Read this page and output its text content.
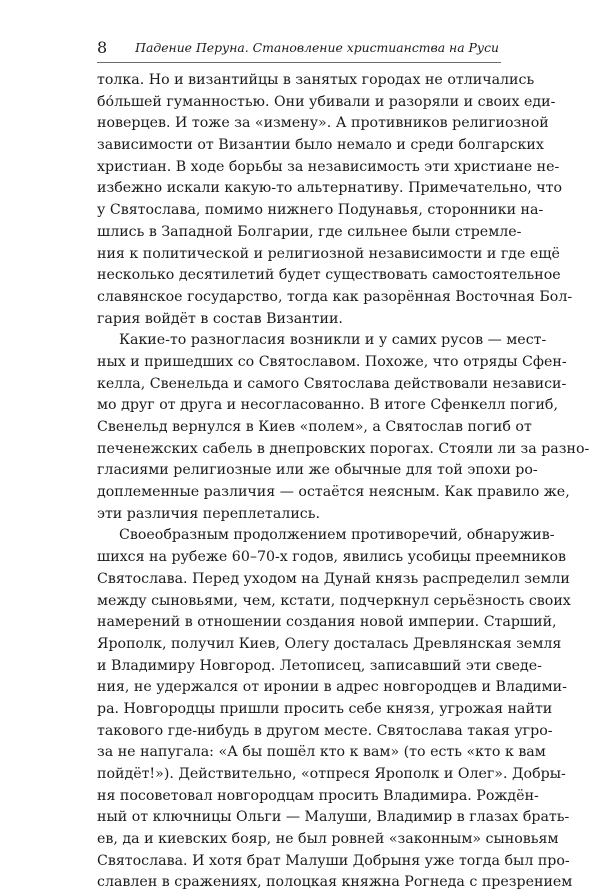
8 Падение Перуна. Становление христианства на Руси
толка. Но и византийцы в занятых городах не отличались
бо́льшей гуманностью. Они убивали и разоряли и своих еди-
новерцев. И тоже за «измену». А противников религиозной
зависимости от Византии было немало и среди болгарских
христиан. В ходе борьбы за независимость эти христиане не-
избежно искали какую-то альтернативу. Примечательно, что
у Святослава, помимо нижнего Подунавья, сторонники на-
шлись в Западной Болгарии, где сильнее были стремле-
ния к политической и религиозной независимости и где ещё
несколько десятилетий будет существовать самостоятельное
славянское государство, тогда как разорённая Восточная Бол-
гария войдёт в состав Византии.
Какие-то разногласия возникли и у самих русов — мест-
ных и пришедших со Святославом. Похоже, что отряды Сфен-
келла, Свенельда и самого Святослава действовали независи-
мо друг от друга и несогласованно. В итоге Сфенкелл погиб,
Свенельд вернулся в Киев «полем», а Святослав погиб от
печенежских сабель в днепровских порогах. Стояли ли за разно-
гласиями религиозные или же обычные для той эпохи ро-
доплеменные различия — остаётся неясным. Как правило же,
эти различия переплетались.
Своеобразным продолжением противоречий, обнаружив-
шихся на рубеже 60–70-х годов, явились усобицы преемников
Святослава. Перед уходом на Дунай князь распределил земли
между сыновьями, чем, кстати, подчеркнул серьёзность своих
намерений в отношении создания новой империи. Старший,
Ярополк, получил Киев, Олегу досталась Древлянская земля
и Владимиру Новгород. Летописец, записавший эти сведе-
ния, не удержался от иронии в адрес новгородцев и Владими-
ра. Новгородцы пришли просить себе князя, угрожая найти
такового где-нибудь в другом месте. Святослава такая угро-
за не напугала: «А бы пошёл кто к вам» (то есть «кто к вам
пойдёт!»). Действительно, «отпреся Ярополк и Олег». Добры-
ня посоветовал новгородцам просить Владимира. Рождён-
ный от ключницы Ольги — Малуши, Владимир в глазах брать-
ев, да и киевских бояр, не был ровней «законным» сыновьям
Святослава. И хотя брат Малуши Добрыня уже тогда был про-
славлен в сражениях, полоцкая княжна Рогнеда с презрением
